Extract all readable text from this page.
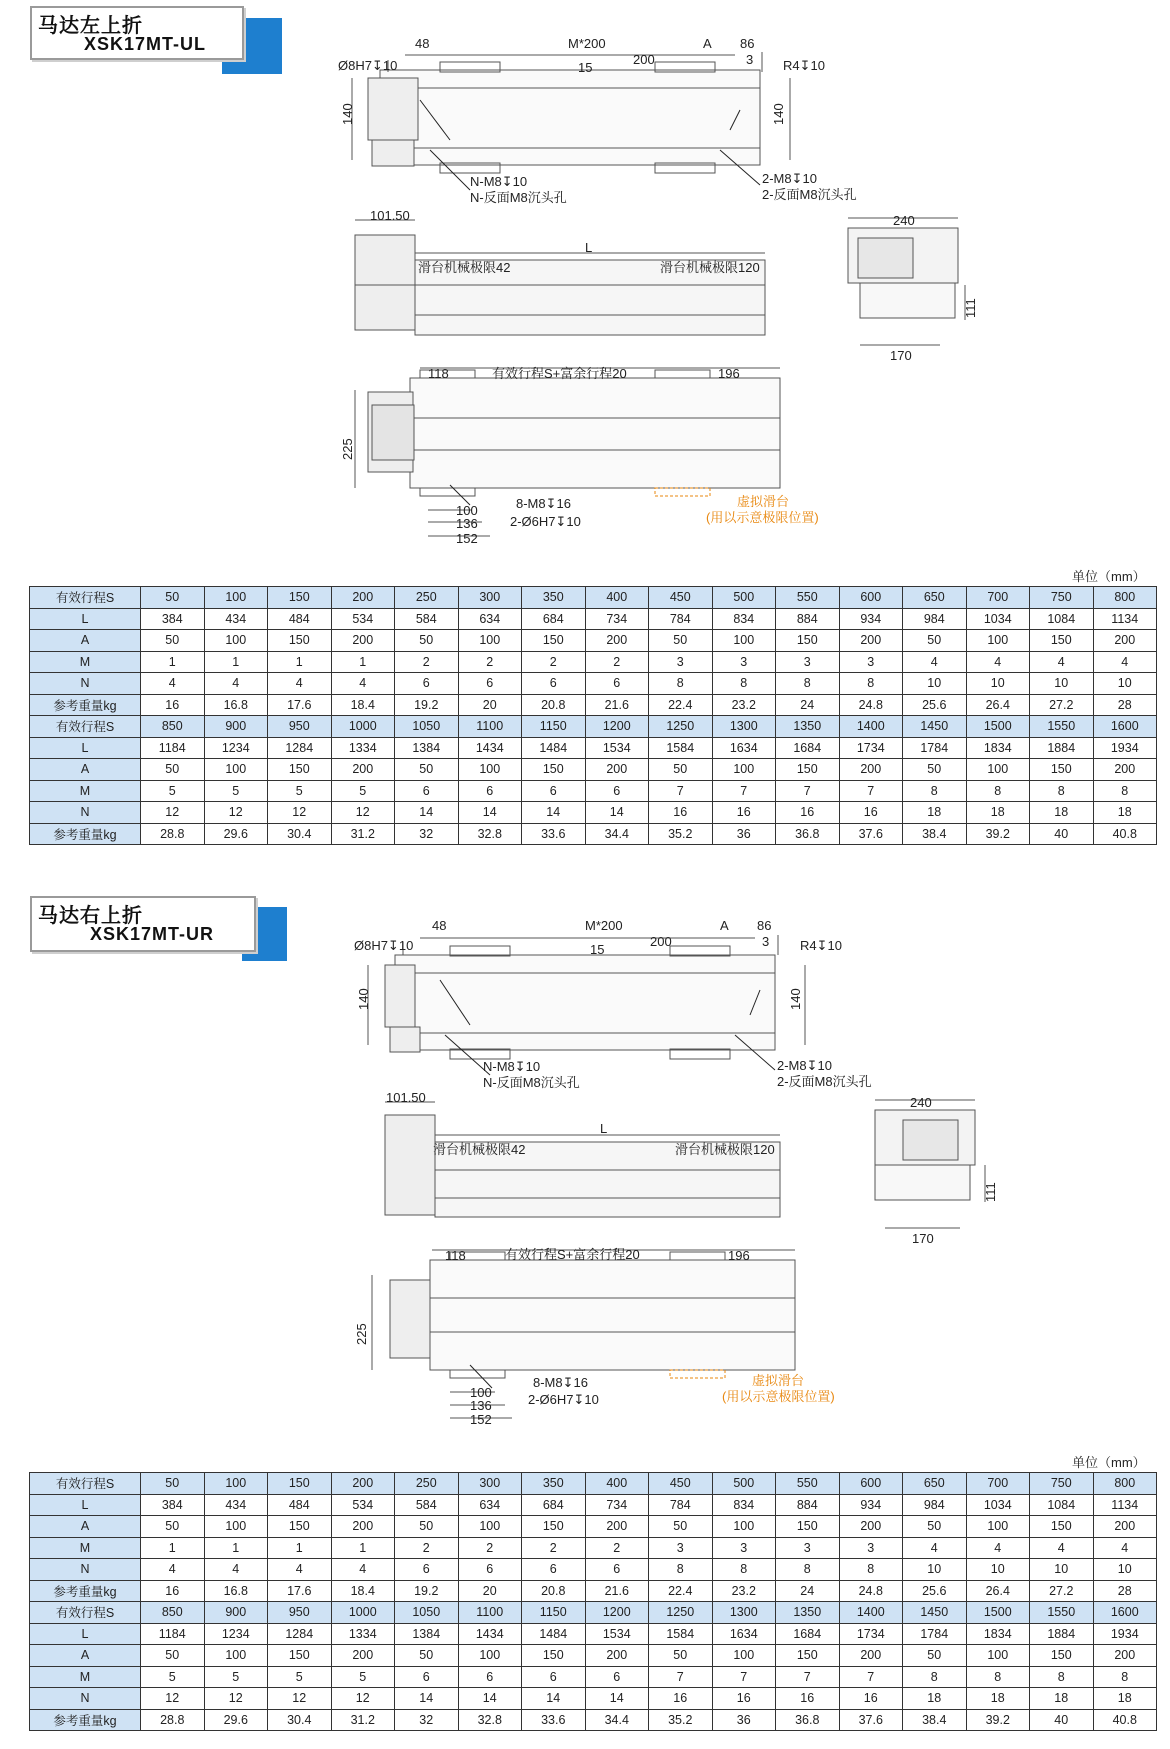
马达左上折
XSK17MT-UL
Ø8H7↧10
48	M*200	A 86
200
15
3 R4↧10
140	140
N-M8↧10
N-反面M8沉头孔
2-M8↧10
2-反面M8沉头孔
101.50
L
滑台机械极限42	滑台机械极限120
240
111
170
118	有效行程S+富余行程20	196
225
8-M8↧16
100
136
152
2-Ø6H7↧10
虚拟滑台
(用以示意极限位置)
单位（mm）
有效行程S	50	100	150	200	250	300	350	400	450	500	550	600	650	700	750	800
L	384	434	484	534	584	634	684	734	784	834	884	934	984	1034	1084	1134
A	50	100	150	200	50	100	150	200	50	100	150	200	50	100	150	200
M	1	1	1	1	2	2	2	2	3	3	3	3	4	4	4	4
N	4	4	4	4	6	6	6	6	8	8	8	8	10	10	10	10
参考重量kg	16	16.8	17.6	18.4	19.2	20	20.8	21.6	22.4	23.2	24	24.8	25.6	26.4	27.2	28
有效行程S	850	900	950	1000	1050	1100	1150	1200	1250	1300	1350	1400	1450	1500	1550	1600
L	1184	1234	1284	1334	1384	1434	1484	1534	1584	1634	1684	1734	1784	1834	1884	1934
A	50	100	150	200	50	100	150	200	50	100	150	200	50	100	150	200
M	5	5	5	5	6	6	6	6	7	7	7	7	8	8	8	8
N	12	12	12	12	14	14	14	14	16	16	16	16	18	18	18	18
参考重量kg	28.8	29.6	30.4	31.2	32	32.8	33.6	34.4	35.2	36	36.8	37.6	38.4	39.2	40	40.8
马达右上折
XSK17MT-UR
Ø8H7↧10
48	M*200	A 86
200
15
3 R4↧10
140	140
N-M8↧10
N-反面M8沉头孔
2-M8↧10
2-反面M8沉头孔
101.50
L
滑台机械极限42	滑台机械极限120
240
111
170
118	有效行程S+富余行程20	196
225
8-M8↧16
100
136
152
2-Ø6H7↧10
虚拟滑台
(用以示意极限位置)
单位（mm）
有效行程S	50	100	150	200	250	300	350	400	450	500	550	600	650	700	750	800
L	384	434	484	534	584	634	684	734	784	834	884	934	984	1034	1084	1134
A	50	100	150	200	50	100	150	200	50	100	150	200	50	100	150	200
M	1	1	1	1	2	2	2	2	3	3	3	3	4	4	4	4
N	4	4	4	4	6	6	6	6	8	8	8	8	10	10	10	10
参考重量kg	16	16.8	17.6	18.4	19.2	20	20.8	21.6	22.4	23.2	24	24.8	25.6	26.4	27.2	28
有效行程S	850	900	950	1000	1050	1100	1150	1200	1250	1300	1350	1400	1450	1500	1550	1600
L	1184	1234	1284	1334	1384	1434	1484	1534	1584	1634	1684	1734	1784	1834	1884	1934
A	50	100	150	200	50	100	150	200	50	100	150	200	50	100	150	200
M	5	5	5	5	6	6	6	6	7	7	7	7	8	8	8	8
N	12	12	12	12	14	14	14	14	16	16	16	16	18	18	18	18
参考重量kg	28.8	29.6	30.4	31.2	32	32.8	33.6	34.4	35.2	36	36.8	37.6	38.4	39.2	40	40.8
